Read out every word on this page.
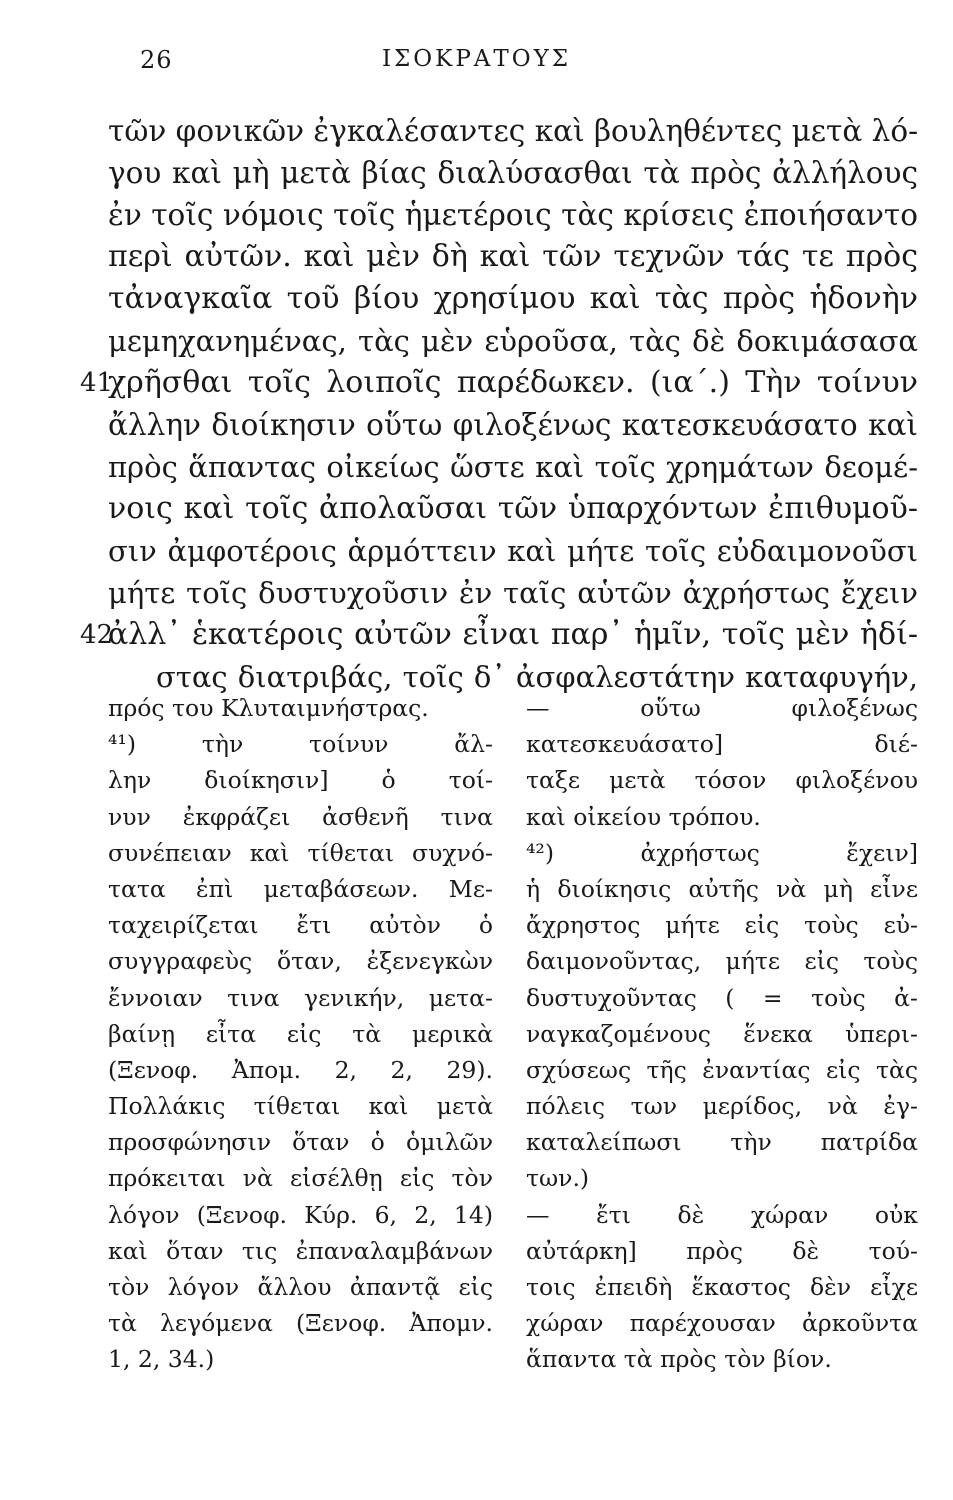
26	ΙΣΟΚΡΑΤΟΥΣ
τῶν φονικῶν ἐγκαλέσαντες καὶ βουληθέντες μετὰ λό-
γου καὶ μὴ μετὰ βίας διαλύσασθαι τὰ πρὸς ἀλλήλους
ἐν τοῖς νόμοις τοῖς ἡμετέροις τὰς κρίσεις ἐποιήσαντο
περὶ αὐτῶν. καὶ μὲν δὴ καὶ τῶν τεχνῶν τάς τε πρὸς
τἀναγκαῖα τοῦ βίου χρησίμου καὶ τὰς πρὸς ἡδονὴν
μεμηχανημένας, τὰς μὲν εὑροῦσα, τὰς δὲ δοκιμάσασα
41
χρῆσθαι τοῖς λοιποῖς παρέδωκεν. (ια΄.) Τὴν τοίνυν
ἄλλην διοίκησιν οὕτω φιλοξένως κατεσκευάσατο καὶ
πρὸς ἅπαντας οἰκείως ὥστε καὶ τοῖς χρημάτων δεομέ-
νοις καὶ τοῖς ἀπολαῦσαι τῶν ὑπαρχόντων ἐπιθυμοῦ-
σιν ἀμφοτέροις ἁρμόττειν καὶ μήτε τοῖς εὐδαιμονοῦσι
μήτε τοῖς δυστυχοῦσιν ἐν ταῖς αὑτῶν ἀχρήστως ἔχειν
42
ἀλλ᾽ ἑκατέροις αὐτῶν εἶναι παρ᾽ ἡμῖν, τοῖς μὲν ἡδί-
στας διατριβάς, τοῖς δ᾽ ἀσφαλεστάτην καταφυγήν,
πρός του Κλυταιμνήστρας.
⁴¹) τὴν τοίνυν ἄλ-
λην διοίκησιν] ὁ τοί-
νυν ἐκφράζει ἀσθενῆ τινα
συνέπειαν καὶ τίθεται συχνό-
τατα ἐπὶ μεταβάσεων. Με-
ταχειρίζεται ἔτι αὐτὸν ὁ
συγγραφεὺς ὅταν, ἐξενεγκὼν
ἔννοιαν τινα γενικήν, μετα-
βαίνῃ εἶτα εἰς τὰ μερικὰ
(Ξενοφ. Ἀπομ. 2, 2, 29).
Πολλάκις τίθεται καὶ μετὰ
προσφώνησιν ὅταν ὁ ὁμιλῶν
πρόκειται νὰ εἰσέλθῃ εἰς τὸν
λόγον (Ξενοφ. Κύρ. 6, 2, 14)
καὶ ὅταν τις ἐπαναλαμβάνων
τὸν λόγον ἄλλου ἀπαντᾷ εἰς
τὰ λεγόμενα (Ξενοφ. Ἀπομν.
1, 2, 34.)
— οὕτω φιλοξένως
κατεσκευάσατο] διέ-
ταξε μετὰ τόσον φιλοξένου
καὶ οἰκείου τρόπου.
⁴²) ἀχρήστως ἔχειν]
ἡ διοίκησις αὐτῆς νὰ μὴ εἶνε
ἄχρηστος μήτε εἰς τοὺς εὐ-
δαιμονοῦντας, μήτε εἰς τοὺς
δυστυχοῦντας ( = τοὺς ἀ-
ναγκαζομένους ἕνεκα ὑπερι-
σχύσεως τῆς ἐναντίας εἰς τὰς
πόλεις των μερίδος, νὰ ἐγ-
καταλείπωσι τὴν πατρίδα
των.)
— ἔτι δὲ χώραν οὐκ
αὐτάρκη] πρὸς δὲ τού-
τοις ἐπειδὴ ἕκαστος δὲν εἶχε
χώραν παρέχουσαν ἀρκοῦντα
ἅπαντα τὰ πρὸς τὸν βίον.
